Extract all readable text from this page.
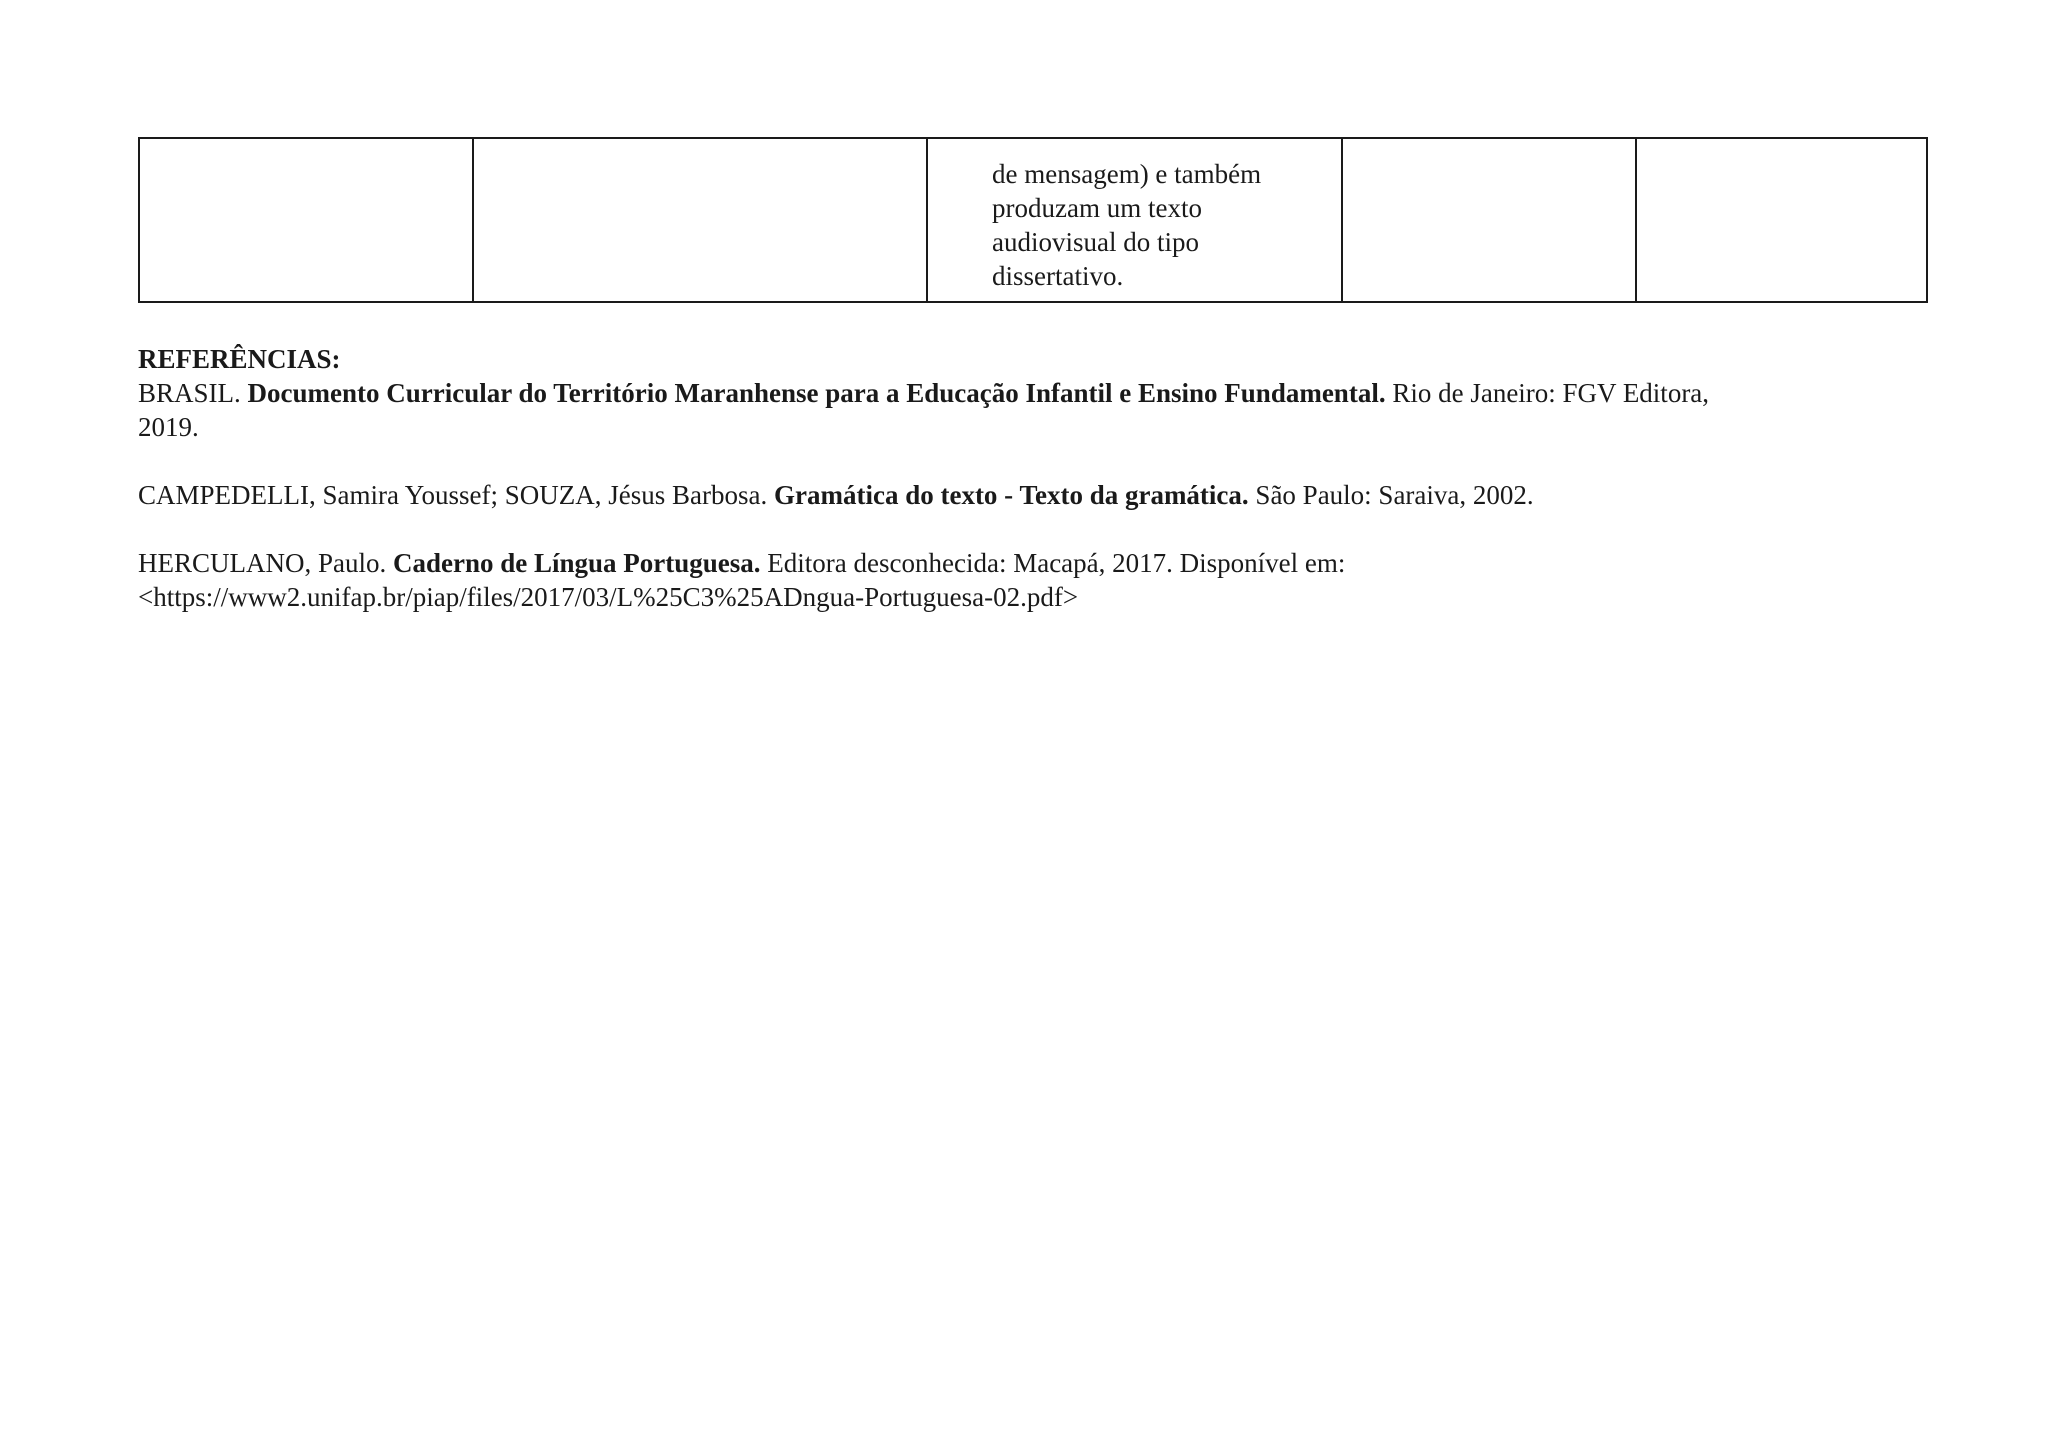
de mensagem) e também
produzam um texto
audiovisual do tipo
dissertativo.

REFERÊNCIAS:

BRASIL. Documento Curricular do Território Maranhense para a Educação Infantil e Ensino Fundamental. Rio de Janeiro: FGV Editora,

2019.

CAMPEDELLI, Samira Youssef; SOUZA, Jésus Barbosa. Gramática do texto - Texto da gramática. São Paulo: Saraiva, 2002.

HERCULANO, Paulo. Caderno de Língua Portuguesa. Editora desconhecida: Macapá, 2017. Disponível em:

<https://www2.unifap.br/piap/files/2017/03/L%25C3%25ADngua-Portuguesa-02.pdf>
